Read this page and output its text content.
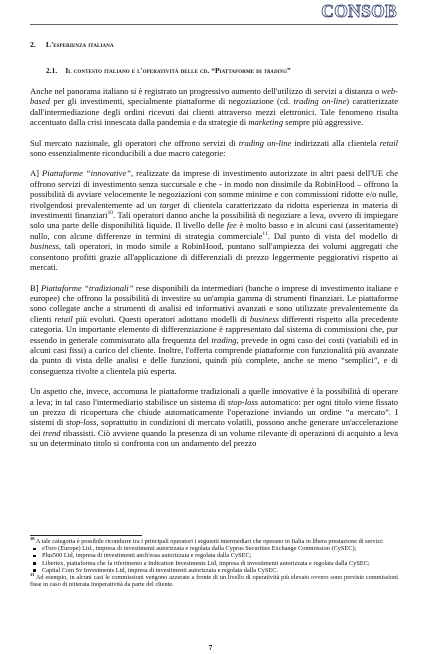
CONSOB
2. L'esperienza italiana
2.1. Il contesto italiano e l'operatività delle cd. “Piattaforme di trading”

Anche nel panorama italiano si è registrato un progressivo aumento dell'utilizzo di servizi a distanza o web-based per gli investimenti, specialmente piattaforme di negoziazione (cd. trading on-line) caratterizzate dall'intermediazione degli ordini ricevuti dai clienti attraverso mezzi elettronici. Tale fenomeno risulta accentuato dalla crisi innescata dalla pandemia e da strategie di marketing sempre più aggressive.

Sul mercato nazionale, gli operatori che offrono servizi di trading on-line indirizzati alla clientela retail sono essenzialmente riconducibili a due macro categorie:

A] Piattaforme “innovative”, realizzate da imprese di investimento autorizzate in altri paesi dell'UE che offrono servizi di investimento senza succursale e che - in modo non dissimile da RobinHood – offrono la possibilità di avviare velocemente le negoziazioni con somme minime e con commissioni ridotte e/o nulle, rivolgendosi prevalentemente ad un target di clientela caratterizzato da ridotta esperienza in materia di investimenti finanziari$^{10}$. Tali operatori danno anche la possibilità di negoziare a leva, ovvero di impiegare solo una parte delle disponibilità liquide. Il livello delle fee è molto basso e in alcuni casi (asseritamente) nullo, con alcune differenze in termini di strategia commerciale$^{11}$. Dal punto di vista del modello di business, tali operatori, in modo simile a RobinHood, puntano sull'ampiezza dei volumi aggregati che consentono profitti grazie all'applicazione di differenziali di prezzo leggermente peggiorativi rispetto ai mercati.

B] Piattaforme “tradizionali” rese disponibili da intermediari (banche o imprese di investimento italiane e europee) che offrono la possibilità di investire su un'ampia gamma di strumenti finanziari. Le piattaforme sono collegate anche a strumenti di analisi ed informativi avanzati e sono utilizzate prevalentemente da clienti retail più evoluti. Questi operatori adottano modelli di business differenti rispetto alla precedente categoria. Un importante elemento di differenziazione è rappresentato dal sistema di commissioni che, pur essendo in generale commisurato alla frequenza del trading, prevede in ogni caso dei costi (variabili ed in alcuni casi fissi) a carico del cliente. Inoltre, l'offerta comprende piattaforme con funzionalità più avanzate da punto di vista delle analisi e delle funzioni, quindi più complete, anche se meno “semplici”, e di conseguenza rivolte a clientela più esperta.

Un aspetto che, invece, accomuna le piattaforme tradizionali a quelle innovative è la possibilità di operare a leva; in tal caso l'intermediario stabilisce un sistema di stop-loss automatico: per ogni titolo viene fissato un prezzo di ricopertura che chiude automaticamente l'operazione inviando un ordine “a mercato”. I sistemi di stop-loss, soprattutto in condizioni di mercato volatili, possono anche generare un'accelerazione dei trend ribassisti. Ciò avviene quando la presenza di un volume rilevante di operazioni di acquisto a leva su un determinato titolo si confronta con un andamento del prezzo

$^{10}$ A tale categoria è possibile ricondurre tra i principali operatori i seguenti intermediari che operano in Italia in libera prestazione di servizi:

eToro (Europe) Ltd., impresa di investimenti autorizzata e regolata dalla Cyprus Securities Exchange Commission (CySEC);
Plus500 Ltd, impresa di investimenti anch'essa autorizzata e regolata dalla CySEC;
Libertex, piattaforma che fa riferimento a Indication Investments Ltd, impresa di investimenti autorizzata e regolata dalla CySEC;
Capital Com Sv Investments Ltd, impresa di investimenti autorizzata e regolata dalla CySEC.

$^{11}$ Ad esempio, in alcuni casi le commissioni vengono azzerate a fronte di un livello di operatività più elevato ovvero sono previste commissioni fisse in caso di reiterata inoperatività da parte del cliente.

7
